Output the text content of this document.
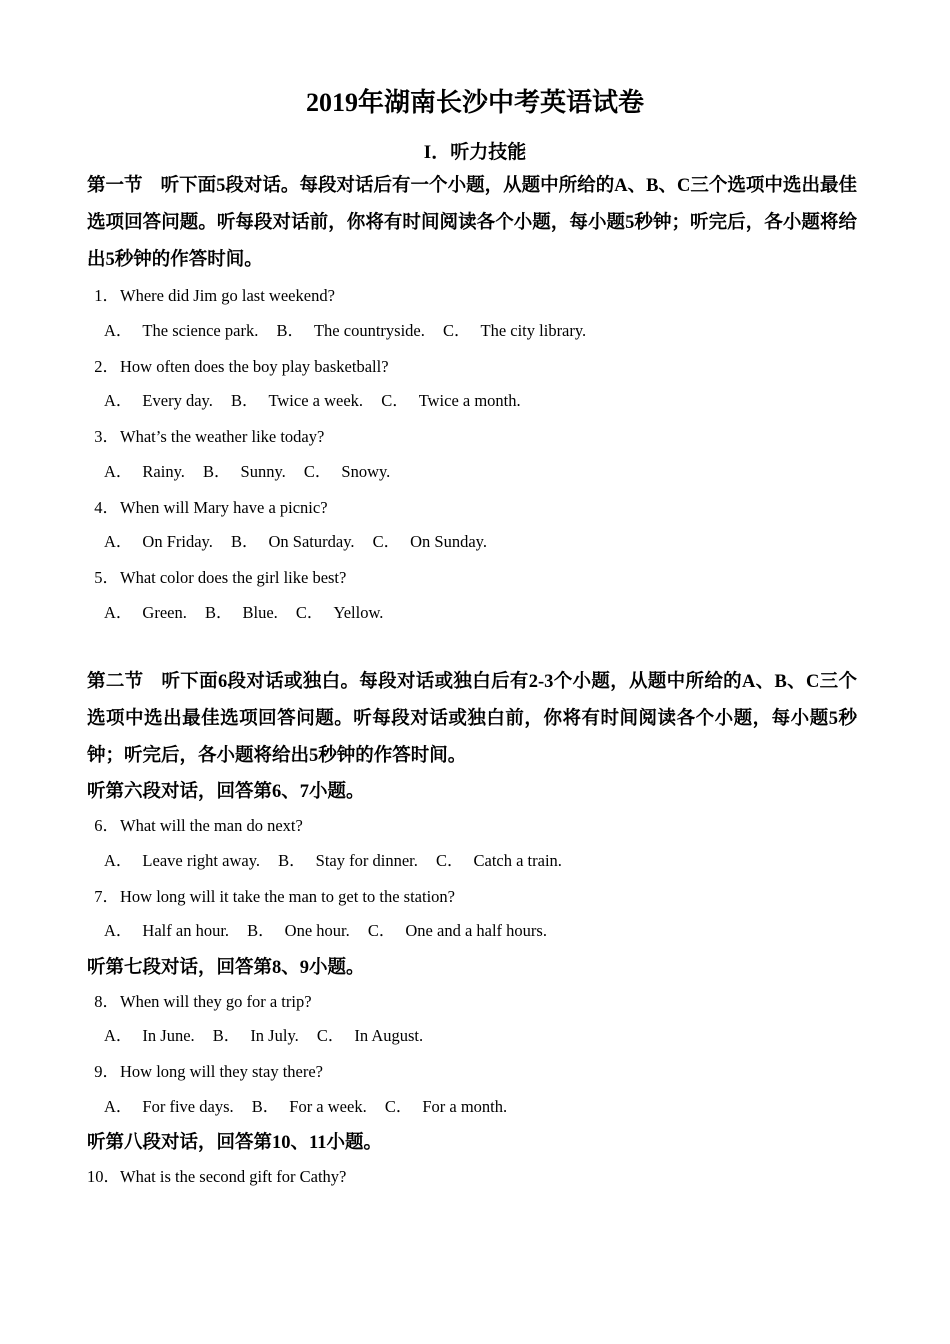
2019年湖南长沙中考英语试卷
I．听力技能

第一节 听下面5段对话。每段对话后有一个小题，从题中所给的A、B、C三个选项中选出最佳选项回答问题。听每段对话前，你将有时间阅读各个小题，每小题5秒钟；听完后，各小题将给出5秒钟的作答时间。

1．Where did Jim go last weekend?
A． The science park. B． The countryside. C． The city library.
2．How often does the boy play basketball?
A． Every day. B． Twice a week. C． Twice a month.
3．What’s the weather like today?
A． Rainy. B． Sunny. C． Snowy.
4．When will Mary have a picnic?
A． On Friday. B． On Saturday. C． On Sunday.
5．What color does the girl like best?
A． Green. B． Blue. C． Yellow.

第二节 听下面6段对话或独白。每段对话或独白后有2-3个小题，从题中所给的A、B、C三个选项中选出最佳选项回答问题。听每段对话或独白前，你将有时间阅读各个小题，每小题5秒钟；听完后，各小题将给出5秒钟的作答时间。

听第六段对话，回答第6、7小题。
6．What will the man do next?
A． Leave right away. B． Stay for dinner. C． Catch a train.
7．How long will it take the man to get to the station?
A． Half an hour. B． One hour. C． One and a half hours.
听第七段对话，回答第8、9小题。
8．When will they go for a trip?
A． In June. B． In July. C． In August.
9．How long will they stay there?
A． For five days. B． For a week. C． For a month.
听第八段对话，回答第10、11小题。
10．What is the second gift for Cathy?
